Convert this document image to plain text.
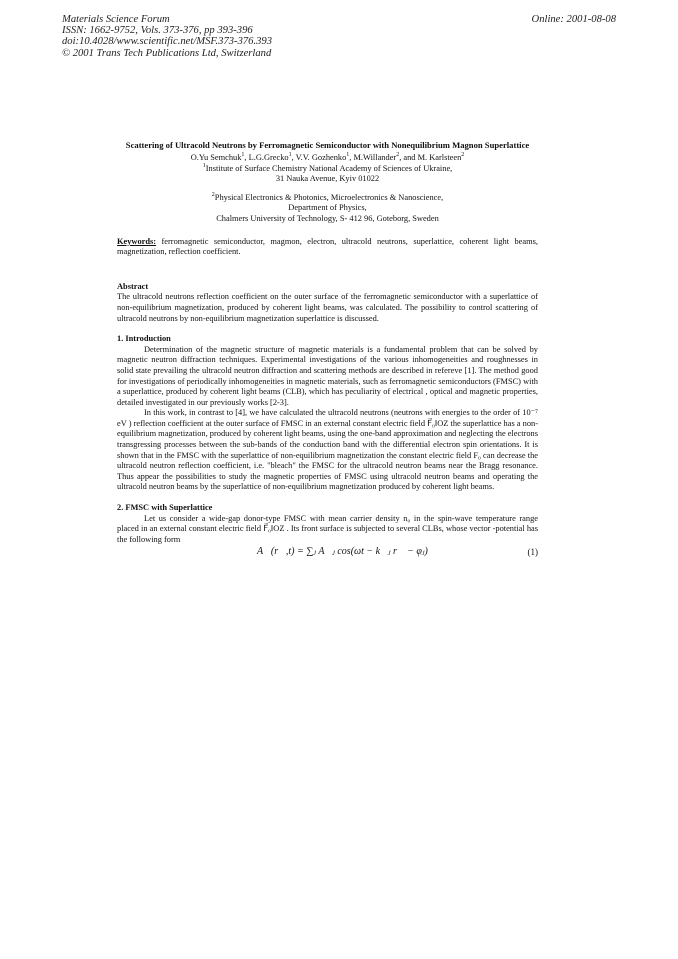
Materials Science Forum
ISSN: 1662-9752, Vols. 373-376, pp 393-396
doi:10.4028/www.scientific.net/MSF.373-376.393
© 2001 Trans Tech Publications Ltd, Switzerland
Online: 2001-08-08

Scattering of Ultracold Neutrons by Ferromagnetic Semiconductor with Nonequilibrium Magnon Superlattice

O.Yu Semchuk$^1$, L.G.Grecko$^1$, V.V. Gozhenko$^1$, M.Willander$^2$, and M. Karlsteen$^2$

$^1$Institute of Surface Chemistry National Academy of Sciences of Ukraine,
31 Nauka Avenue, Kyiv 01022

$^2$Physical Electronics & Photonics, Microelectronics & Nanoscience,
Department of Physics,
Chalmers University of Technology, S- 412 96, Goteborg, Sweden

Keywords: ferromagnetic semiconductor, magmon, electron, ultracold neutrons, superlattice, coherent light beams, magnetization, reflection coefficient.

Abstract

The ultracold neutrons reflection coefficient on the outer surface of the ferromagnetic semiconductor with a superlattice of non-equilibrium magnetization, produced by coherent light beams, was calculated. The possibility to control scattering of ultracold neutrons by non-equilibrium magnetization superlattice is discussed.

1. Introduction

Determination of the magnetic structure of magnetic materials is a fundamental problem that can be solved by magnetic neutron diffraction techniques. Experimental investigations of the various inhomogeneities and roughnesses in solid state prevailing the ultracold neutron diffraction and scattering methods are described in refereve [1]. The method good for investigations of periodically inhomogeneities in magnetic materials, such as ferromagnetic semiconductors (FMSC) with a superlattice, produced by coherent light beams (CLB), which has peculiarity of electrical , optical and magnetic properties, detailed investigated in our previously works [2-3].

In this work, in contrast to [4], we have calculated the ultracold neutrons (neutrons with energies to the order of 10⁻⁷ eV ) reflection coefficient at the outer surface of FMSC in an external constant electric field F⃗₀‖OZ the superlattice has a non-equilibrium magnetization, produced by coherent light beams, using the one-band approximation and neglecting the electrons transgressing processes between the sub-bands of the conduction band with the differential electron spin orientations. It is shown that in the FMSC with the superlattice of non-equilibrium magnetization the constant electric field F₀ can decrease the ultracold neutron reflection coefficient, i.e. "bleach" the FMSC for the ultracold neutron beams near the Bragg resonance. Thus appear the possibilities to study the magnetic properties of FMSC using ultracold neutron beams and operating the ultracold neutron beams by the superlattice of non-equilibrium magnetization produced by coherent light beams.

2. FMSC with Superlattice

Let us consider a wide-gap donor-type FMSC with mean carrier density n₀ in the spin-wave temperature range placed in an external constant electric field F⃗₀‖OZ . Its front surface is subjected to several CLBs, whose vector -potential has the following form

A⃗(r⃗,t) = ∑ⱼ A⃗ⱼ cos(ωt − k⃗ⱼ r⃗ − φⱼ)	(1)
